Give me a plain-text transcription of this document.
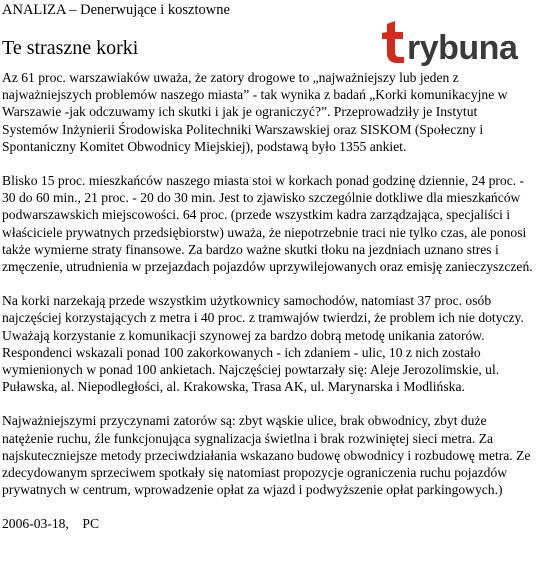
ANALIZA – Denerwujące i kosztowne
Te straszne korki	rybuna

Az 61 proc. warszawiaków uważa, że zatory drogowe to „najważniejszy lub jeden z najważniejszych problemów naszego miasta” - tak wynika z badań „Korki komunikacyjne w Warszawie -jak odczuwamy ich skutki i jak je ograniczyć?”. Przeprowadziły je Instytut Systemów Inżynierii Środowiska Politechniki Warszawskiej oraz SISKOM (Społeczny i Spontaniczny Komitet Obwodnicy Miejskiej), podstawą było 1355 ankiet.

Blisko 15 proc. mieszkańców naszego miasta stoi w korkach ponad godzinę dziennie, 24 proc. - 30 do 60 min., 21 proc. - 20 do 30 min. Jest to zjawisko szczególnie dotkliwe dla mieszkańców podwarszawskich miejscowości. 64 proc. (przede wszystkim kadra zarządzająca, specjaliści i właściciele prywatnych przedsiębiorstw) uważa, że niepotrzebnie traci nie tylko czas, ale ponosi także wymierne straty finansowe. Za bardzo ważne skutki tłoku na jezdniach uznano stres i zmęczenie, utrudnienia w przejazdach pojazdów uprzywilejowanych oraz emisję zanieczyszczeń.

Na korki narzekają przede wszystkim użytkownicy samochodów, natomiast 37 proc. osób najczęściej korzystających z metra i 40 proc. z tramwajów twierdzi, że problem ich nie dotyczy. Uważają korzystanie z komunikacji szynowej za bardzo dobrą metodę unikania zatorów. Respondenci wskazali ponad 100 zakorkowanych - ich zdaniem - ulic, 10 z nich zostało wymienionych w ponad 100 ankietach. Najczęściej powtarzały się: Aleje Jerozolimskie, ul. Puławska, al. Niepodległości, al. Krakowska, Trasa AK, ul. Marynarska i Modlińska.

Najważniejszymi przyczynami zatorów są: zbyt wąskie ulice, brak obwodnicy, zbyt duże natężenie ruchu, źle funkcjonująca sygnalizacja świetlna i brak rozwiniętej sieci metra. Za najskuteczniejsze metody przeciwdziałania wskazano budowę obwodnicy i rozbudowę metra. Ze zdecydowanym sprzeciwem spotkały się natomiast propozycje ograniczenia ruchu pojazdów prywatnych w centrum, wprowadzenie opłat za wjazd i podwyższenie opłat parkingowych.)

2006-03-18, PC
